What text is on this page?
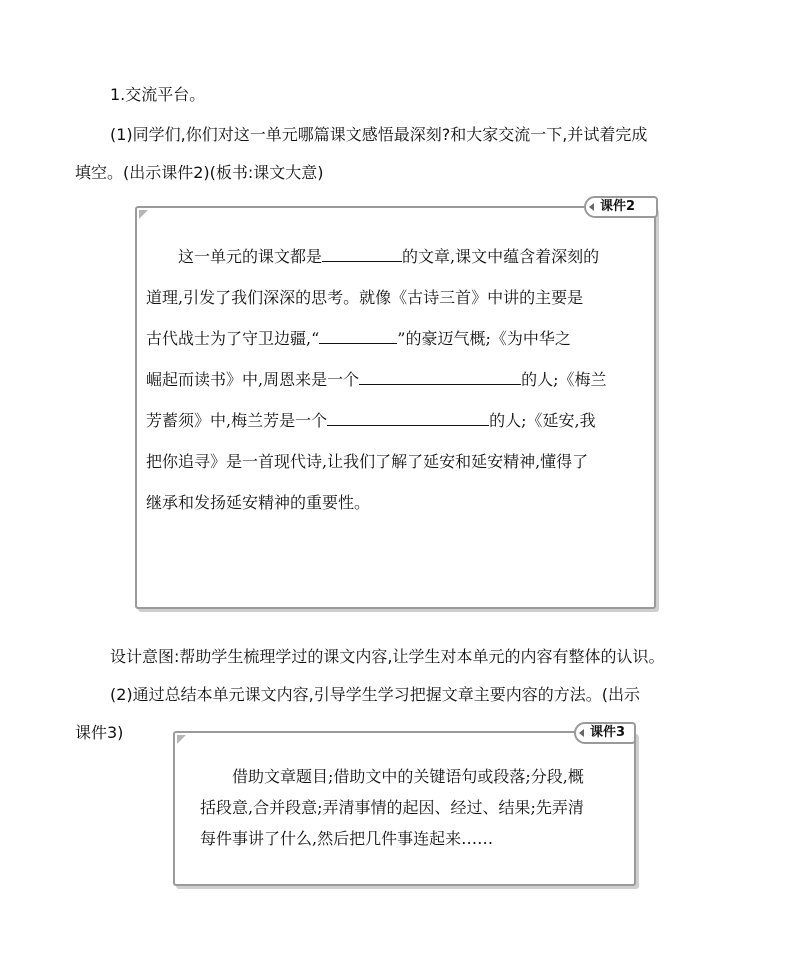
1.交流平台。

(1)同学们,你们对这一单元哪篇课文感悟最深刻?和大家交流一下,并试着完成

填空。(出示课件2)(板书:课文大意)

课件2
这一单元的课文都是	的文章,课文中蕴含着深刻的
道理,引发了我们深深的思考。就像《古诗三首》中讲的主要是
古代战士为了守卫边疆,“	”的豪迈气概;《为中华之
崛起而读书》中,周恩来是一个	的人;《梅兰
芳蓄须》中,梅兰芳是一个	的人;《延安,我
把你追寻》是一首现代诗,让我们了解了延安和延安精神,懂得了
继承和发扬延安精神的重要性。

设计意图:帮助学生梳理学过的课文内容,让学生对本单元的内容有整体的认识。

(2)通过总结本单元课文内容,引导学生学习把握文章主要内容的方法。(出示

课件3)	课件3
借助文章题目;借助文中的关键语句或段落;分段,概
括段意,合并段意;弄清事情的起因、经过、结果;先弄清
每件事讲了什么,然后把几件事连起来……
